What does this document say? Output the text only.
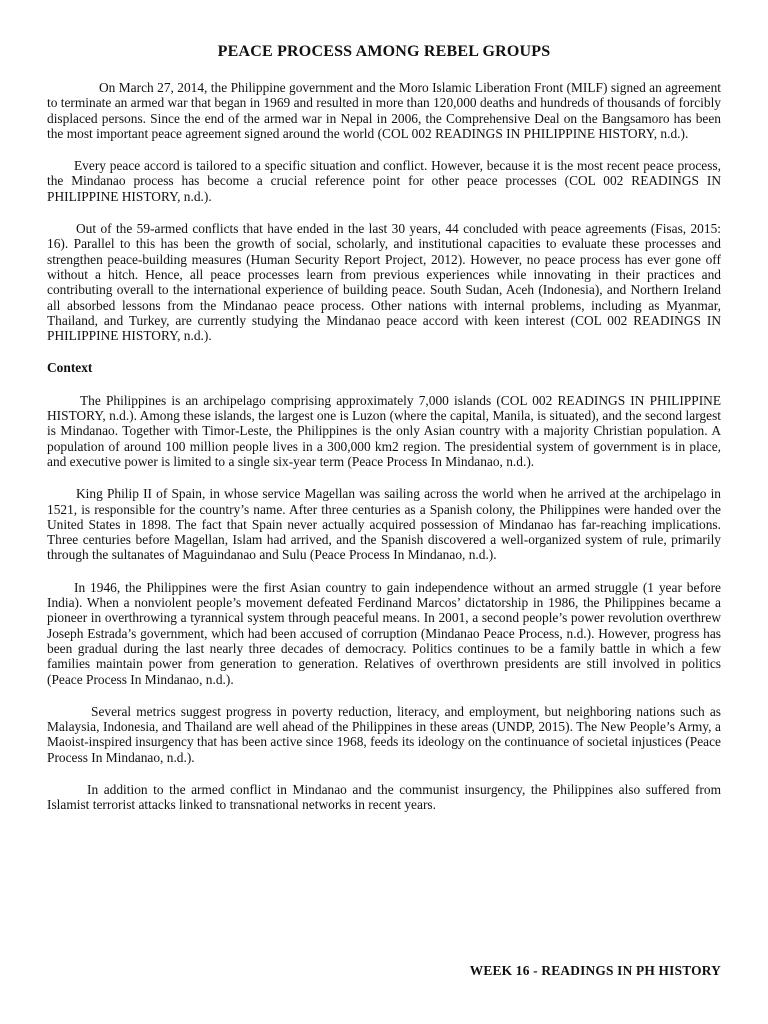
PEACE PROCESS AMONG REBEL GROUPS

On March 27, 2014, the Philippine government and the Moro Islamic Liberation Front (MILF) signed an agreement to terminate an armed war that began in 1969 and resulted in more than 120,000 deaths and hundreds of thousands of forcibly displaced persons. Since the end of the armed war in Nepal in 2006, the Comprehensive Deal on the Bangsamoro has been the most important peace agreement signed around the world (COL 002 READINGS IN PHILIPPINE HISTORY, n.d.).

Every peace accord is tailored to a specific situation and conflict. However, because it is the most recent peace process, the Mindanao process has become a crucial reference point for other peace processes (COL 002 READINGS IN PHILIPPINE HISTORY, n.d.).

Out of the 59-armed conflicts that have ended in the last 30 years, 44 concluded with peace agreements (Fisas, 2015: 16). Parallel to this has been the growth of social, scholarly, and institutional capacities to evaluate these processes and strengthen peace-building measures (Human Security Report Project, 2012). However, no peace process has ever gone off without a hitch. Hence, all peace processes learn from previous experiences while innovating in their practices and contributing overall to the international experience of building peace. South Sudan, Aceh (Indonesia), and Northern Ireland all absorbed lessons from the Mindanao peace process. Other nations with internal problems, including as Myanmar, Thailand, and Turkey, are currently studying the Mindanao peace accord with keen interest (COL 002 READINGS IN PHILIPPINE HISTORY, n.d.).

Context

The Philippines is an archipelago comprising approximately 7,000 islands (COL 002 READINGS IN PHILIPPINE HISTORY, n.d.). Among these islands, the largest one is Luzon (where the capital, Manila, is situated), and the second largest is Mindanao. Together with Timor-Leste, the Philippines is the only Asian country with a majority Christian population. A population of around 100 million people lives in a 300,000 km2 region. The presidential system of government is in place, and executive power is limited to a single six-year term (Peace Process In Mindanao, n.d.).

King Philip II of Spain, in whose service Magellan was sailing across the world when he arrived at the archipelago in 1521, is responsible for the country’s name. After three centuries as a Spanish colony, the Philippines were handed over the United States in 1898. The fact that Spain never actually acquired possession of Mindanao has far-reaching implications. Three centuries before Magellan, Islam had arrived, and the Spanish discovered a well-organized system of rule, primarily through the sultanates of Maguindanao and Sulu (Peace Process In Mindanao, n.d.).

In 1946, the Philippines were the first Asian country to gain independence without an armed struggle (1 year before India). When a nonviolent people’s movement defeated Ferdinand Marcos’ dictatorship in 1986, the Philippines became a pioneer in overthrowing a tyrannical system through peaceful means. In 2001, a second people’s power revolution overthrew Joseph Estrada’s government, which had been accused of corruption (Mindanao Peace Process, n.d.). However, progress has been gradual during the last nearly three decades of democracy. Politics continues to be a family battle in which a few families maintain power from generation to generation. Relatives of overthrown presidents are still involved in politics (Peace Process In Mindanao, n.d.).

Several metrics suggest progress in poverty reduction, literacy, and employment, but neighboring nations such as Malaysia, Indonesia, and Thailand are well ahead of the Philippines in these areas (UNDP, 2015). The New People’s Army, a Maoist-inspired insurgency that has been active since 1968, feeds its ideology on the continuance of societal injustices (Peace Process In Mindanao, n.d.).

In addition to the armed conflict in Mindanao and the communist insurgency, the Philippines also suffered from Islamist terrorist attacks linked to transnational networks in recent years.

WEEK 16 - READINGS IN PH HISTORY
